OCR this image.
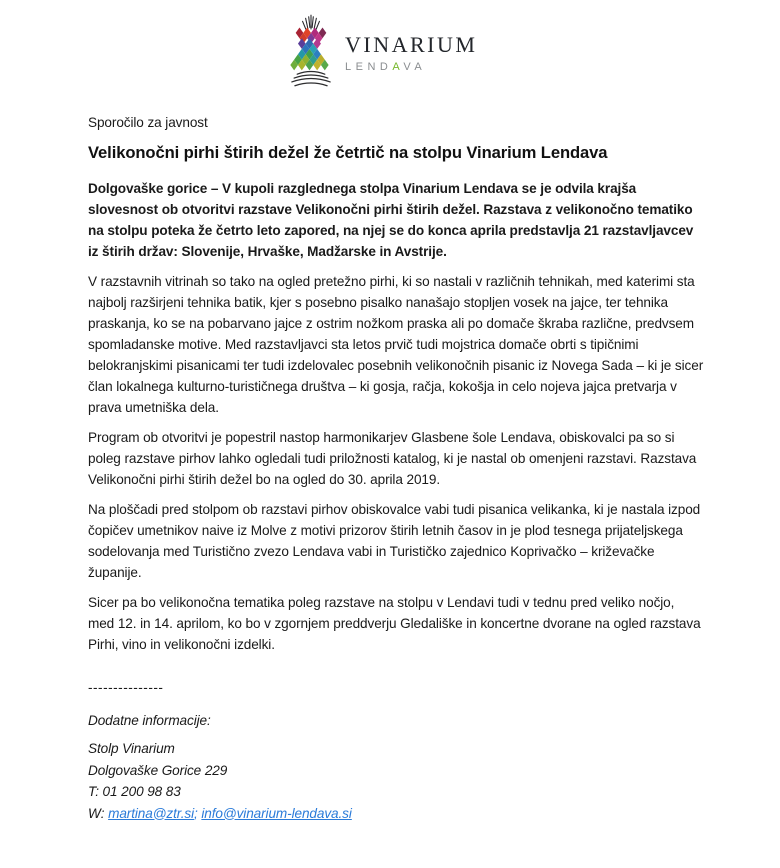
VINARIUM
LENDAVA
Sporočilo za javnost
Velikonočni pirhi štirih dežel že četrtič na stolpu Vinarium Lendava

Dolgovaške gorice – V kupoli razglednega stolpa Vinarium Lendava se je odvila krajša slovesnost ob otvoritvi razstave Velikonočni pirhi štirih dežel. Razstava z velikonočno tematiko na stolpu poteka že četrto leto zapored, na njej se do konca aprila predstavlja 21 razstavljavcev iz štirih držav: Slovenije, Hrvaške, Madžarske in Avstrije.

V razstavnih vitrinah so tako na ogled pretežno pirhi, ki so nastali v različnih tehnikah, med katerimi sta najbolj razširjeni tehnika batik, kjer s posebno pisalko nanašajo stopljen vosek na jajce, ter tehnika praskanja, ko se na pobarvano jajce z ostrim nožkom praska ali po domače škraba različne, predvsem spomladanske motive. Med razstavljavci sta letos prvič tudi mojstrica domače obrti s tipičnimi belokranjskimi pisanicami ter tudi izdelovalec posebnih velikonočnih pisanic iz Novega Sada – ki je sicer član lokalnega kulturno-turističnega društva – ki gosja, račja, kokošja in celo nojeva jajca pretvarja v prava umetniška dela.

Program ob otvoritvi je popestril nastop harmonikarjev Glasbene šole Lendava, obiskovalci pa so si poleg razstave pirhov lahko ogledali tudi priložnosti katalog, ki je nastal ob omenjeni razstavi. Razstava Velikonočni pirhi štirih dežel bo na ogled do 30. aprila 2019.

Na ploščadi pred stolpom ob razstavi pirhov obiskovalce vabi tudi pisanica velikanka, ki je nastala izpod čopičev umetnikov naive iz Molve z motivi prizorov štirih letnih časov in je plod tesnega prijateljskega sodelovanja med Turistično zvezo Lendava vabi in Turističko zajednico Koprivačko – križevačke županije.

Sicer pa bo velikonočna tematika poleg razstave na stolpu v Lendavi tudi v tednu pred veliko nočjo, med 12. in 14. aprilom, ko bo v zgornjem preddverju Gledališke in koncertne dvorane na ogled razstava Pirhi, vino in velikonočni izdelki.

---------------
Dodatne informacije:
Stolp Vinarium
Dolgovaške Gorice 229
T: 01 200 98 83
W: martina@ztr.si; info@vinarium-lendava.si
